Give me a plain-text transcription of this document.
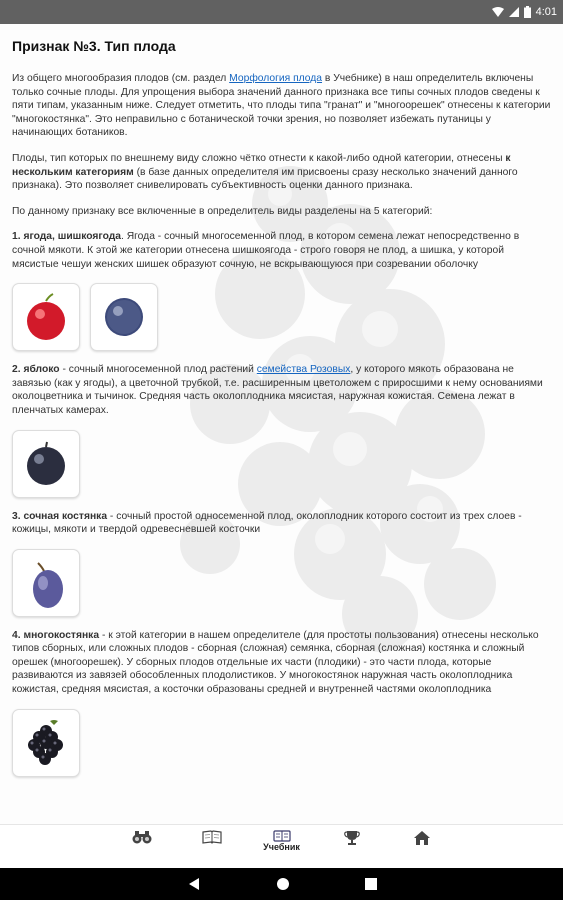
4:01
Признак №3. Тип плода

Из общего многообразия плодов (см. раздел Морфология плода в Учебнике) в наш определитель включены только сочные плоды. Для упрощения выбора значений данного признака все типы сочных плодов сведены к пяти типам, указанным ниже. Следует отметить, что плоды типа "гранат" и "многоорешек" отнесены к категории "многокостянка". Это неправильно с ботанической точки зрения, но позволяет избежать путаницы у начинающих ботаников.

Плоды, тип которых по внешнему виду сложно чётко отнести к какой-либо одной категории, отнесены к нескольким категориям (в базе данных определителя им присвоены сразу несколько значений данного признака). Это позволяет снивелировать субъективность оценки данного признака.

По данному признаку все включенные в определитель виды разделены на 5 категорий:

1. ягода, шишкоягода. Ягода - сочный многосеменной плод, в котором семена лежат непосредственно в сочной мякоти. К этой же категории отнесена шишкоягода - строго говоря не плод, а шишка, у которой мясистые чешуи женских шишек образуют сочную, не вскрывающуюся при созревании оболочку

2. яблоко - сочный многосеменной плод растений семейства Розовых, у которого мякоть образована не завязью (как у ягоды), а цветочной трубкой, т.е. расширенным цветоложем с приросшими к нему основаниями околоцветника и тычинок. Средняя часть околоплодника мясистая, наружная кожистая. Семена лежат в пленчатых камерах.

3. сочная костянка - сочный простой односеменной плод, околоплодник которого состоит из трех слоев - кожицы, мякоти и твердой одревесневшей косточки

4. многокостянка - к этой категории в нашем определителе (для простоты пользования) отнесены несколько типов сборных, или сложных плодов - сборная (сложная) семянка, сборная (сложная) костянка и сложный орешек (многоорешек). У сборных плодов отдельные их части (плодики) - это части плода, которые развиваются из завязей обособленных плодолистиков. У многокостянок наружная часть околоплодника кожистая, средняя мясистая, а косточки образованы средней и внутренней частями околоплодника

Учебник
